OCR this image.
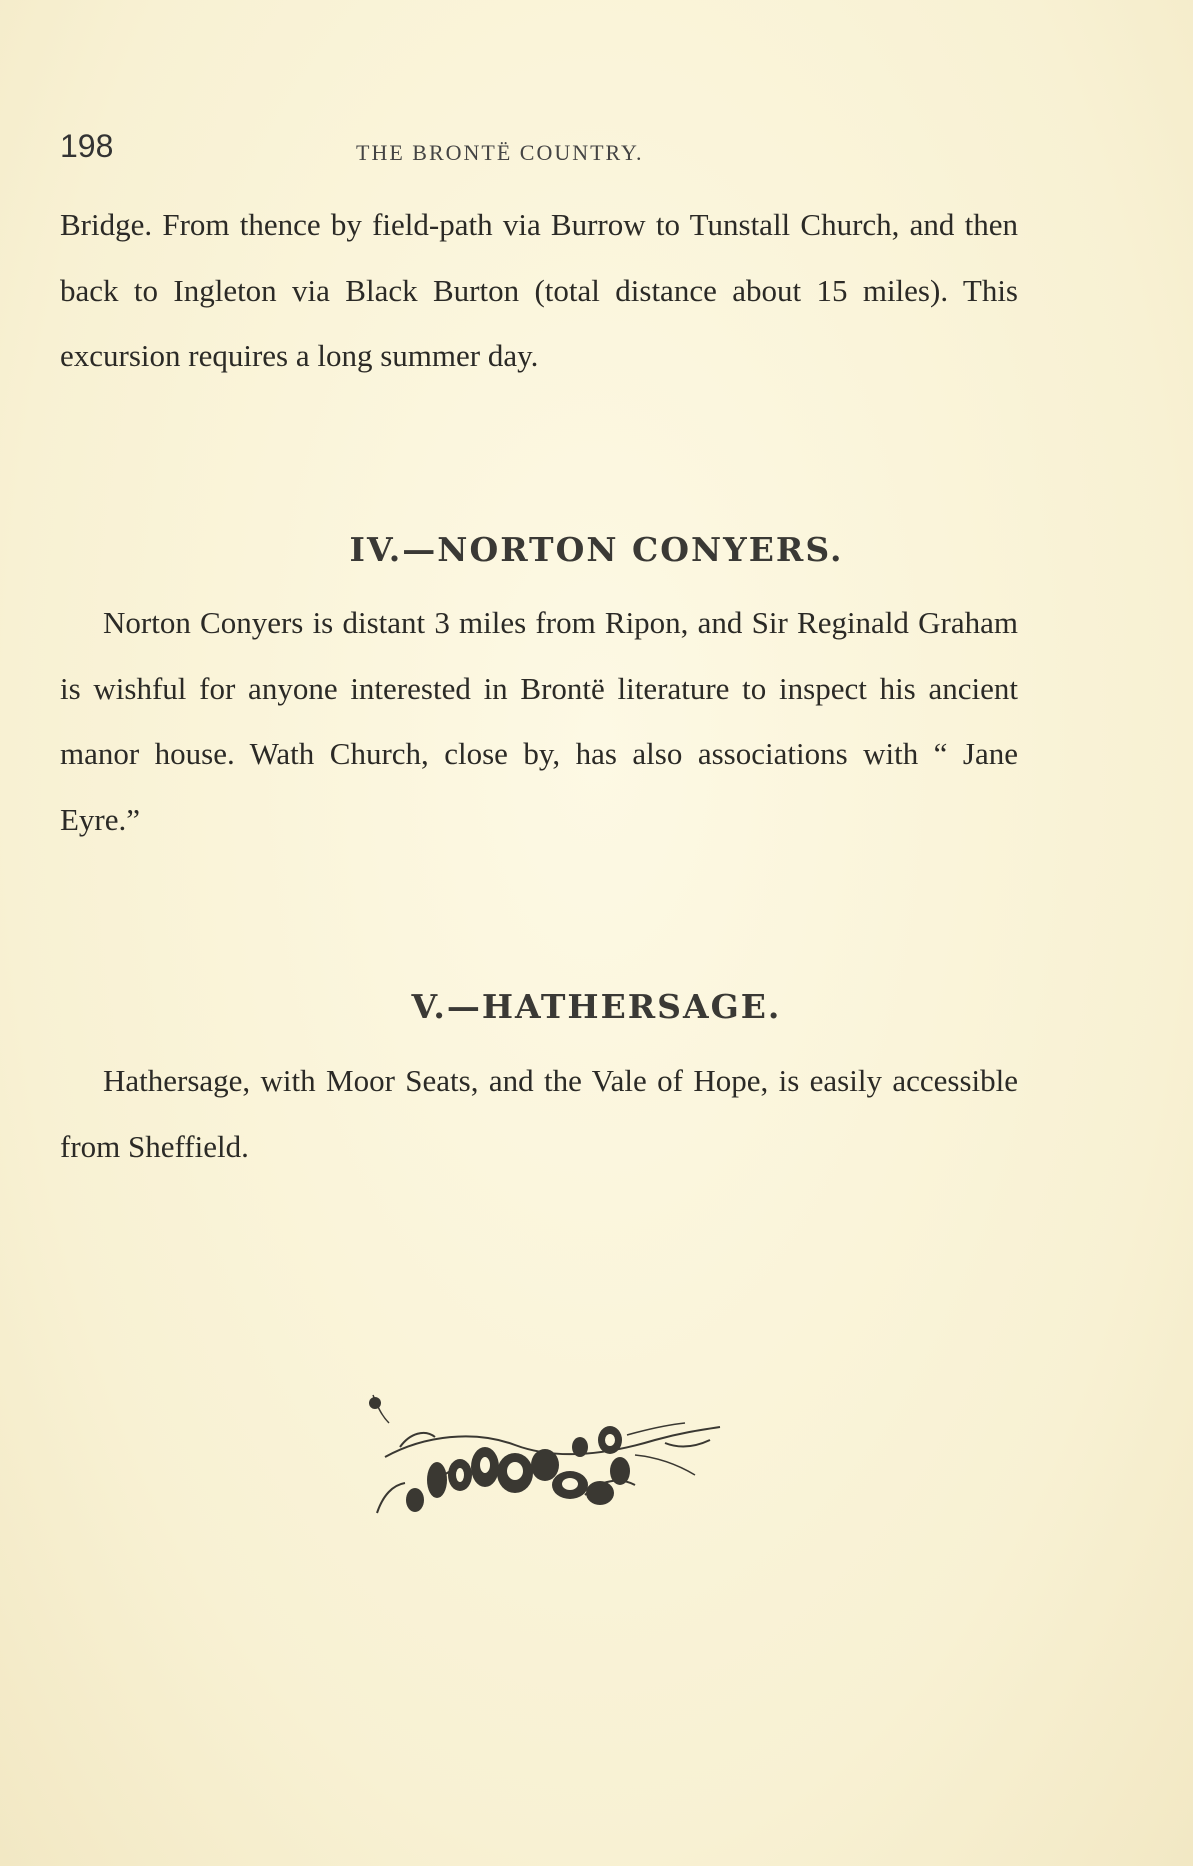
198	THE BRONTË COUNTRY.

Bridge. From thence by field-path via Burrow to Tunstall Church, and then back to Ingleton via Black Burton (total distance about 15 miles). This excursion requires a long summer day.

IV.—NORTON CONYERS.

Norton Conyers is distant 3 miles from Ripon, and Sir Reginald Graham is wishful for anyone interested in Brontë literature to inspect his ancient manor house. Wath Church, close by, has also associations with “ Jane Eyre.”

V.—HATHERSAGE.

Hathersage, with Moor Seats, and the Vale of Hope, is easily accessible from Sheffield.
